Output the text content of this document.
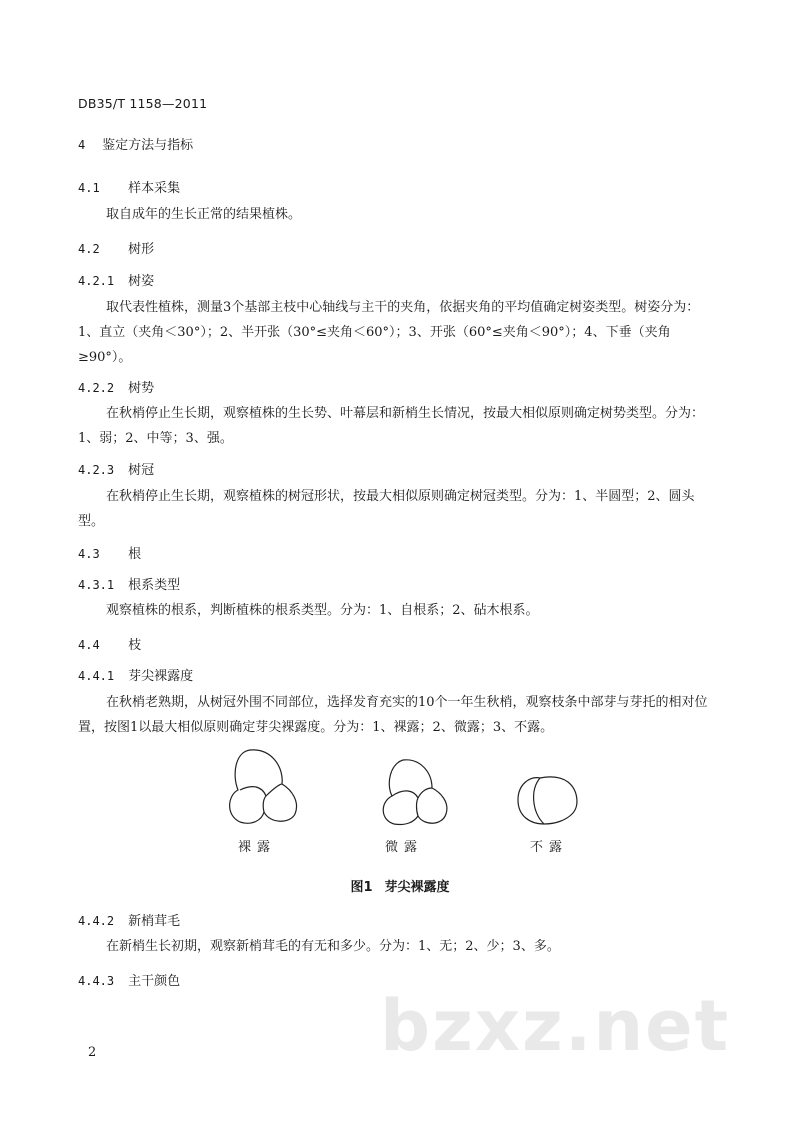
DB35/T 1158—2011
4 鉴定方法与指标
4.1 样本采集

取自成年的生长正常的结果植株。

4.2 树形
4.2.1 树姿

取代表性植株，测量3个基部主枝中心轴线与主干的夹角，依据夹角的平均值确定树姿类型。树姿分为：1、直立（夹角＜30°）；2、半开张（30°≤夹角＜60°）；3、开张（60°≤夹角＜90°）；4、下垂（夹角≥90°）。

4.2.2 树势

在秋梢停止生长期，观察植株的生长势、叶幕层和新梢生长情况，按最大相似原则确定树势类型。分为：1、弱；2、中等；3、强。

4.2.3 树冠

在秋梢停止生长期，观察植株的树冠形状，按最大相似原则确定树冠类型。分为：1、半圆型；2、圆头型。

4.3 根
4.3.1 根系类型

观察植株的根系，判断植株的根系类型。分为：1、自根系；2、砧木根系。

4.4 枝
4.4.1 芽尖裸露度

在秋梢老熟期，从树冠外围不同部位，选择发育充实的10个一年生秋梢，观察枝条中部芽与芽托的相对位置，按图1以最大相似原则确定芽尖裸露度。分为：1、裸露；2、微露；3、不露。

裸露	微露	不露
图1 芽尖裸露度
4.4.2 新梢茸毛

在新梢生长初期，观察新梢茸毛的有无和多少。分为：1、无；2、少；3、多。

4.4.3 主干颜色
bzxz.net
2
